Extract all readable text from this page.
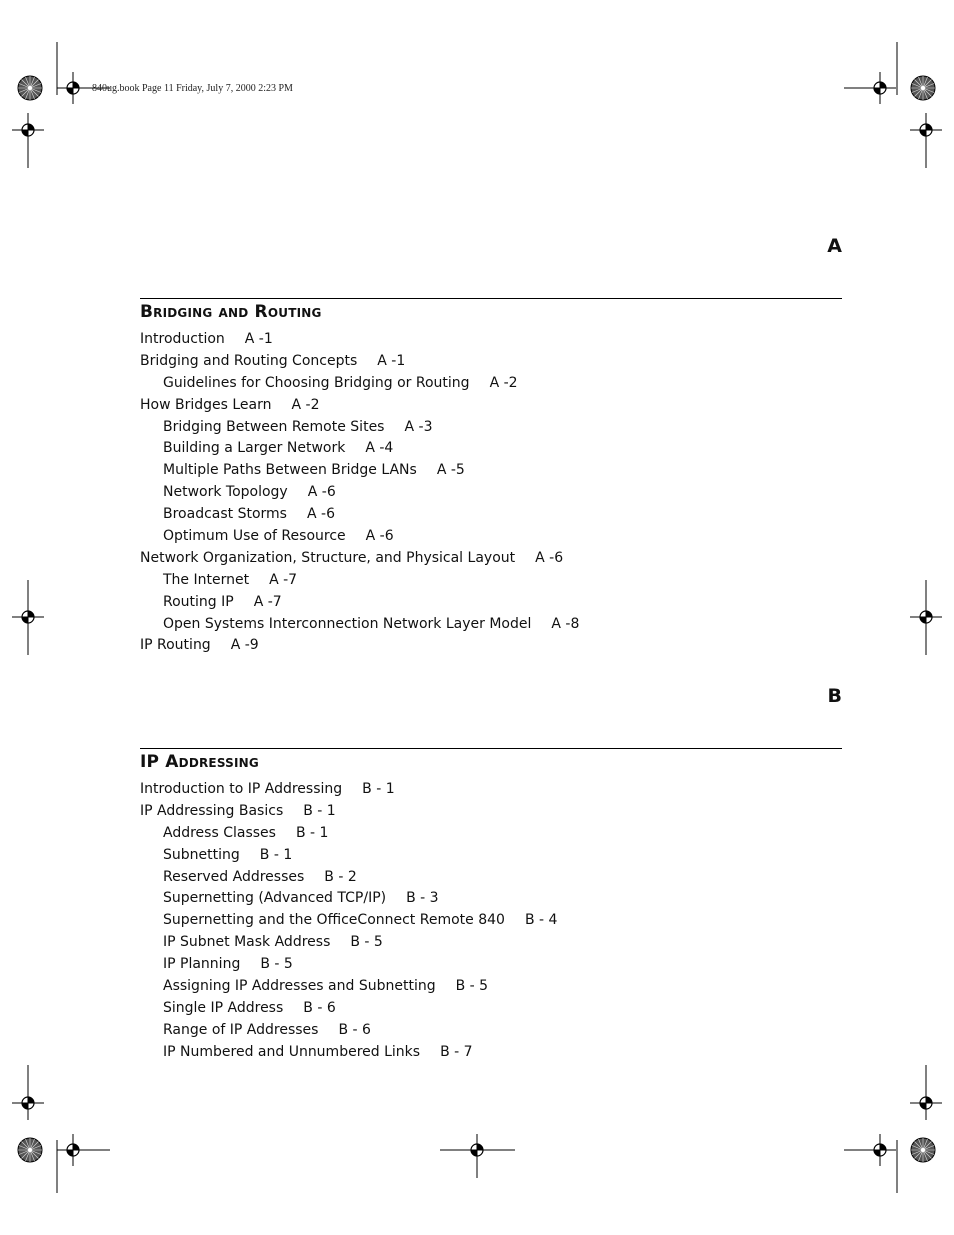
840ug.book Page 11 Friday, July 7, 2000 2:23 PM
A
Bridging and Routing
Introduction A -1
Bridging and Routing Concepts A -1
Guidelines for Choosing Bridging or Routing A -2
How Bridges Learn A -2
Bridging Between Remote Sites A -3
Building a Larger Network A -4
Multiple Paths Between Bridge LANs A -5
Network Topology A -6
Broadcast Storms A -6
Optimum Use of Resource A -6
Network Organization, Structure, and Physical Layout A -6
The Internet A -7
Routing IP A -7
Open Systems Interconnection Network Layer Model A -8
IP Routing A -9
B
IP Addressing
Introduction to IP Addressing B - 1
IP Addressing Basics B - 1
Address Classes B - 1
Subnetting B - 1
Reserved Addresses B - 2
Supernetting (Advanced TCP/IP) B - 3
Supernetting and the OfficeConnect Remote 840 B - 4
IP Subnet Mask Address B - 5
IP Planning B - 5
Assigning IP Addresses and Subnetting B - 5
Single IP Address B - 6
Range of IP Addresses B - 6
IP Numbered and Unnumbered Links B - 7
